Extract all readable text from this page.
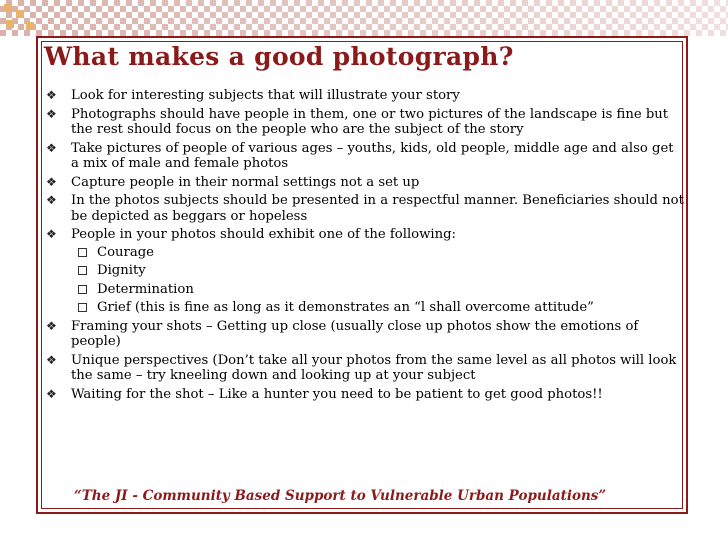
What makes a good photograph?
❖ Look for interesting subjects that will illustrate your story
❖ Photographs should have people in them, one or two pictures of the landscape is fine but the rest should focus on the people who are the subject of the story
❖ Take pictures of people of various ages – youths, kids, old people, middle age and also get a mix of male and female photos
❖ Capture people in their normal settings not a set up
❖ In the photos subjects should be presented in a respectful manner. Beneficiaries should not be depicted as beggars or hopeless
❖ People in your photos should exhibit one of the following:
Courage
Dignity
Determination
Grief (this is fine as long as it demonstrates an “l shall overcome attitude”
❖ Framing your shots – Getting up close (usually close up photos show the emotions of people)
❖ Unique perspectives (Don’t take all your photos from the same level as all photos will look the same – try kneeling down and looking up at your subject
❖ Waiting for the shot – Like a hunter you need to be patient to get good photos!!
“The JI - Community Based Support to Vulnerable Urban Populations”
